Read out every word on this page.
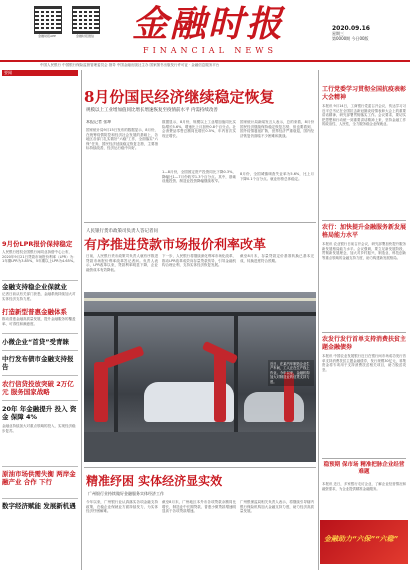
金融时报APP	金融时报微信	金融时报
FINANCIAL NEWS
2020.09.16
星期三
第0000期 今日00版
中国人民银行 中国银行保险监督管理委员会 指导 中国金融出版社主办 国家图书出版发行许可证 · 金融信息服务平台
要闻
9月份LPR报价保持稳定
人民银行授权全国银行间同业拆借中心公布，2020年9月21日贷款市场报价利率（LPR）为：1年期LPR为3.85%，5年期以上LPR为4.65%。
金融支持稳企业保就业
记者日前从有关部门获悉，金融系统持续加大对实体经济支持力度。
打造新型普惠金融体系
推动普惠金融高质量发展，提升金融服务的覆盖率、可得性和满意度。
小微企业“首贷”受青睐
中行发布债市金融支持报告
农行信贷投放突破 2万亿元 服务国家战略
20年 年金融提升 投入 资金 保障 4%
金融业持续加大对重点领域的投入，实现经济稳步复苏。
原油市场供需失衡 两岸金融产业 合作 下行
数字经济赋能 发展新机遇
8月份国民经济继续稳定恢复
规模以上工业增加值同比增长增速恢复至疫情前水平 内需持续改善
本报记者 张坤
国家统计局9月15日发布的数据显示，8月份，在统筹疫情防控和经济社会发展的基础上，各地区各部门扎实做好“六稳”工作，全面落实“六保”任务，国民经济延续稳定恢复态势，主要指标持续改善，经济运行稳中向好。
数据显示，8月份，规模以上工业增加值同比实际增长5.6%，增速比上月加快0.8个百分点。社会消费品零售总额同比增长0.5%，年内首次实现正增长。
1—8月份，全国固定资产投资同比下降0.3%，降幅比1—7月份收窄1.3个百分点。其中，基础设施投资、制造业投资降幅继续收窄。
国家统计局新闻发言人表示，总的来看，8月份国民经济继续保持稳定恢复态势，但也要看到，国外疫情蔓延扩散，世界经济严重衰退，国内经济恢复仍面临不少困难和挑战。
8月份，全国城镇调查失业率为5.6%，比上月下降0.1个百分点。就业形势总体稳定。
人民银行货币政策司负责人答记者问
有序推进贷款市场报价利率改革
日前，人民银行货币政策司负责人就有序推进贷款市场报价利率改革答记者问。负责人表示，LPR改革以来，贷款利率明显下降，企业融资成本有效降低。
下一步，人民银行将继续深化利率市场化改革，推动LPR改革成效向存量贷款传导，引导金融机构合理让利，支持实体经济恢复发展。
截至8月末，存量贷款定价基准转换已基本完成，转换进度符合预期。
近日，在某汽车制造企业生产车间，工人正在生产线上作业。今年以来，金融机构加大对制造业的信贷支持力度。
精准纾困 实体经济显实效
广州银行业持续做好金融服务实体经济工作
今年以来，广州银行业认真落实各项金融支持政策，在稳企业保就业方面持续发力，为实体经济纾困解难。
截至8月末，广州地区本外币各项贷款余额同比增长，制造业中长期贷款、普惠小微贷款增速明显高于各项贷款增速。
广州银保监局相关负责人表示，将继续引导辖内银行保险机构加大金融支持力度，助力经济高质量发展。
工行党委学习贯彻全国抗疫表彰大会精神
本报讯 9月14日，工商银行党委召开会议，传达学习习近平总书记在全国抗击新冠肺炎疫情表彰大会上的重要讲话精神，研究部署贯彻落实工作。会议要求，要切实把思想和行动统一到重要讲话精神上来，坚持金融工作的政治性、人民性，全力服务稳企业保就业。
农行：加快提升金融服务新发展格局能力水平
本报讯 农业银行日前召开会议，研究部署加快提升服务新发展格局能力水平。会议强调，要立足新发展阶段，贯彻新发展理念，加大对乡村振兴、制造业、科技创新等重点领域的金融支持力度，助力构建新发展格局。
农发行发行首单支持消费扶贫主题金融债券
本报讯 中国农业发展银行近日在银行间市场成功发行首单支持消费扶贫主题金融债券，发行规模30亿元，募集资金将专项用于支持消费扶贫相关项目，助力脱贫攻坚。
稳预期 保市场 精准把脉企业经营难题
本报讯 近日，多家银行走访企业，了解企业经营情况和融资需求，为企业提供精准金融服务。
金融助力“六保”“六稳”
